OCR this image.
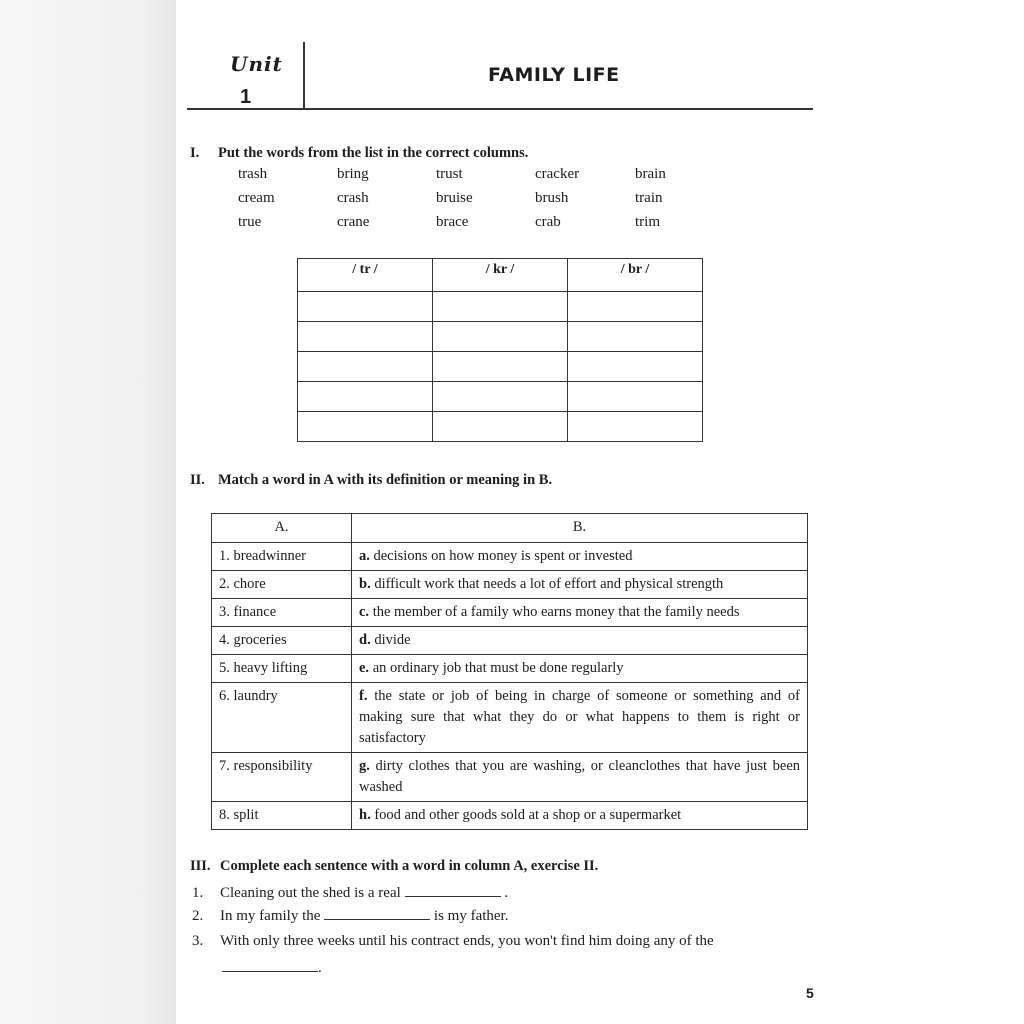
Unit
1
FAMILY LIFE
I. Put the words from the list in the correct columns.
trash	bring	trust	cracker	brain
cream	crash	bruise	brush	train
true	crane	brace	crab	trim
/ tr /	/ kr /	/ br /

II. Match a word in A with its definition or meaning in B.
A.	B.
1. breadwinner	a. decisions on how money is spent or invested
2. chore	b. difficult work that needs a lot of effort and physical strength
3. finance	c. the member of a family who earns money that the family needs
4. groceries	d. divide
5. heavy lifting	e. an ordinary job that must be done regularly
6. laundry	f. the state or job of being in charge of someone or something and of making sure that what they do or what happens to them is right or satisfactory
7. responsibility	g. dirty clothes that you are washing, or cleanclothes that have just been washed
8. split	h. food and other goods sold at a shop or a supermarket
III. Complete each sentence with a word in column A, exercise II.
1. Cleaning out the shed is a real	.
2. In my family the	is my father.
3. With only three weeks until his contract ends, you won't find him doing any of the
.
5
